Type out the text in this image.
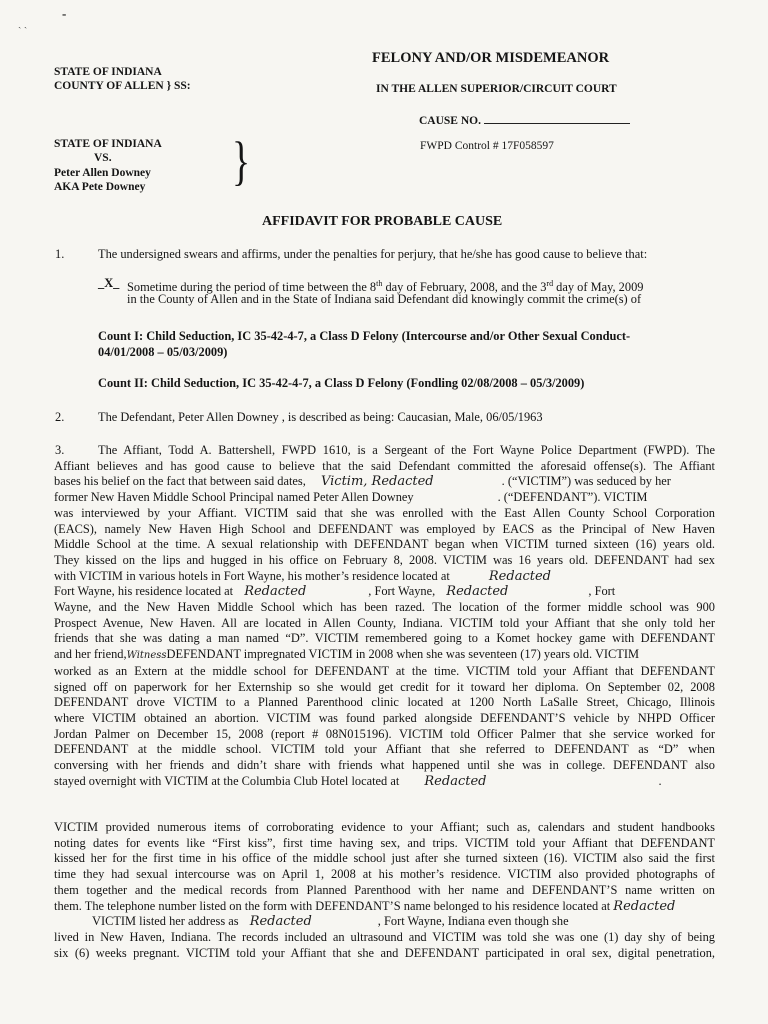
ˏ ˎ
-
FELONY AND/OR MISDEMEANOR
STATE OF INDIANA
COUNTY OF ALLEN } SS:	IN THE ALLEN SUPERIOR/CIRCUIT COURT
CAUSE NO.
STATE OF INDIANA
VS.
Peter Allen Downey
AKA Pete Downey	}	FWPD Control # 17F058597
AFFIDAVIT FOR PROBABLE CAUSE
1.	The undersigned swears and affirms, under the penalties for perjury, that he/she has good cause to believe that:
_X_ Sometime during the period of time between the 8th day of February, 2008, and the 3rd day of May, 2009
in the County of Allen and in the State of Indiana said Defendant did knowingly commit the crime(s) of
Count I: Child Seduction, IC 35-42-4-7, a Class D Felony (Intercourse and/or Other Sexual Conduct-
04/01/2008 – 05/03/2009)
Count II: Child Seduction, IC 35-42-4-7, a Class D Felony (Fondling 02/08/2008 – 05/3/2009)
2.	The Defendant, Peter Allen Downey , is described as being: Caucasian, Male, 06/05/1963
3.	The Affiant, Todd A. Battershell, FWPD 1610, is a Sergeant of the Fort Wayne Police Department (FWPD). The
Affiant believes and has good cause to believe that the said Defendant committed the aforesaid offense(s). The Affiant
bases his belief on the fact that between said dates, Victim, Redacted	. (“VICTIM”) was seduced by her
former New Haven Middle School Principal named Peter Allen Downey	. (“DEFENDANT”). VICTIM
was interviewed by your Affiant. VICTIM said that she was enrolled with the East Allen County School Corporation
(EACS), namely New Haven High School and DEFENDANT was employed by EACS as the Principal of New Haven
Middle School at the time. A sexual relationship with DEFENDANT began when VICTIM turned sixteen (16) years old.
They kissed on the lips and hugged in his office on February 8, 2008. VICTIM was 16 years old. DEFENDANT had sex
with VICTIM in various hotels in Fort Wayne, his mother’s residence located at	Redacted
Fort Wayne, his residence located at Redacted	, Fort Wayne, Redacted	, Fort
Wayne, and the New Haven Middle School which has been razed. The location of the former middle school was 900
Prospect Avenue, New Haven. All are located in Allen County, Indiana. VICTIM told your Affiant that she only told her
friends that she was dating a man named “D”. VICTIM remembered going to a Komet hockey game with DEFENDANT
and her friend,WitnessDEFENDANT impregnated VICTIM in 2008 when she was seventeen (17) years old. VICTIM
worked as an Extern at the middle school for DEFENDANT at the time. VICTIM told your Affiant that DEFENDANT
signed off on paperwork for her Externship so she would get credit for it toward her diploma. On September 02, 2008
DEFENDANT drove VICTIM to a Planned Parenthood clinic located at 1200 North LaSalle Street, Chicago, Illinois
where VICTIM obtained an abortion. VICTIM was found parked alongside DEFENDANT’S vehicle by NHPD Officer
Jordan Palmer on December 15, 2008 (report # 08N015196). VICTIM told Officer Palmer that she service worked for
DEFENDANT at the middle school. VICTIM told your Affiant that she referred to DEFENDANT as “D” when
conversing with her friends and didn’t share with friends what happened until she was in college. DEFENDANT also
stayed overnight with VICTIM at the Columbia Club Hotel located at Redacted	.
VICTIM provided numerous items of corroborating evidence to your Affiant; such as, calendars and student handbooks
noting dates for events like “First kiss”, first time having sex, and trips. VICTIM told your Affiant that DEFENDANT
kissed her for the first time in his office of the middle school just after she turned sixteen (16). VICTIM also said the first
time they had sexual intercourse was on April 1, 2008 at his mother’s residence. VICTIM also provided photographs of
them together and the medical records from Planned Parenthood with her name and DEFENDANT’S name written on
them. The telephone number listed on the form with DEFENDANT’S name belonged to his residence located at Redacted
VICTIM listed her address as Redacted	, Fort Wayne, Indiana even though she
lived in New Haven, Indiana. The records included an ultrasound and VICTIM was told she was one (1) day shy of being
six (6) weeks pregnant. VICTIM told your Affiant that she and DEFENDANT participated in oral sex, digital penetration,
